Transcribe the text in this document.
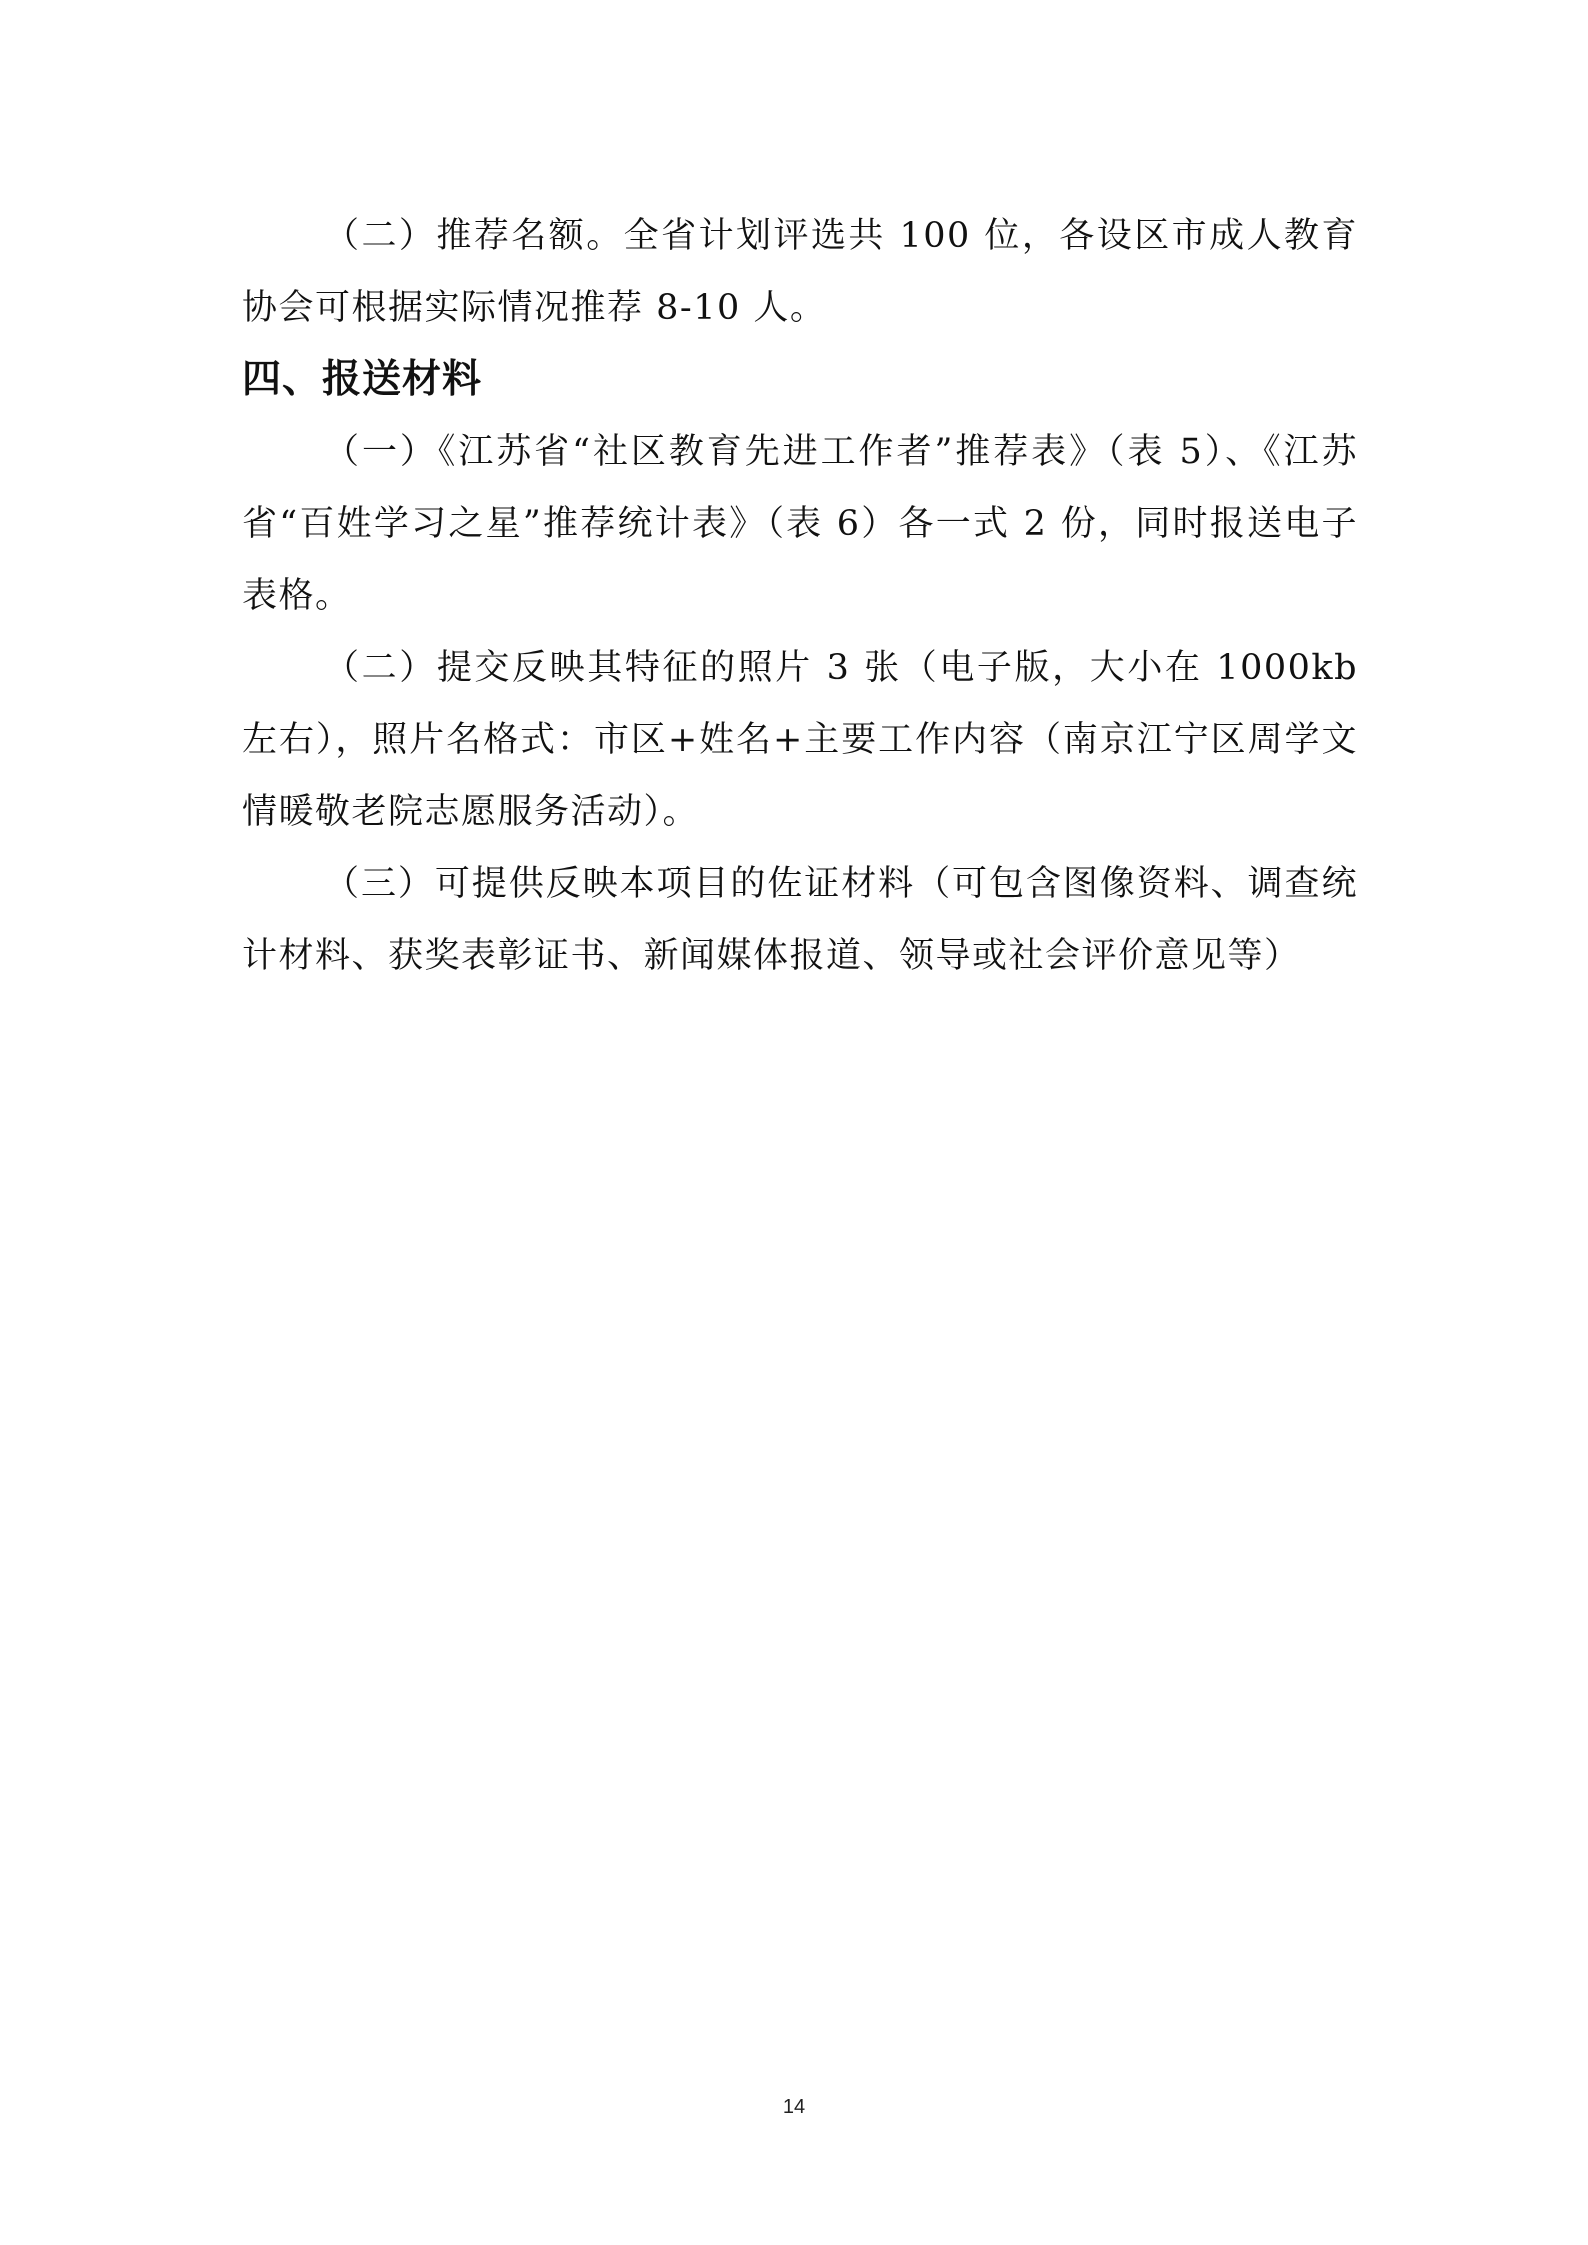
（二）推荐名额。全省计划评选共 100 位，各设区市成人教育协会可根据实际情况推荐 8-10 人。

四、报送材料

（一）《江苏省“社区教育先进工作者”推荐表》（表 5）、《江苏省“百姓学习之星”推荐统计表》（表 6）各一式 2 份，同时报送电子表格。

（二）提交反映其特征的照片 3 张（电子版，大小在 1000kb 左右），照片名格式：市区+姓名+主要工作内容（南京江宁区周学文情暖敬老院志愿服务活动）。

（三）可提供反映本项目的佐证材料（可包含图像资料、调查统计材料、获奖表彰证书、新闻媒体报道、领导或社会评价意见等）

14
